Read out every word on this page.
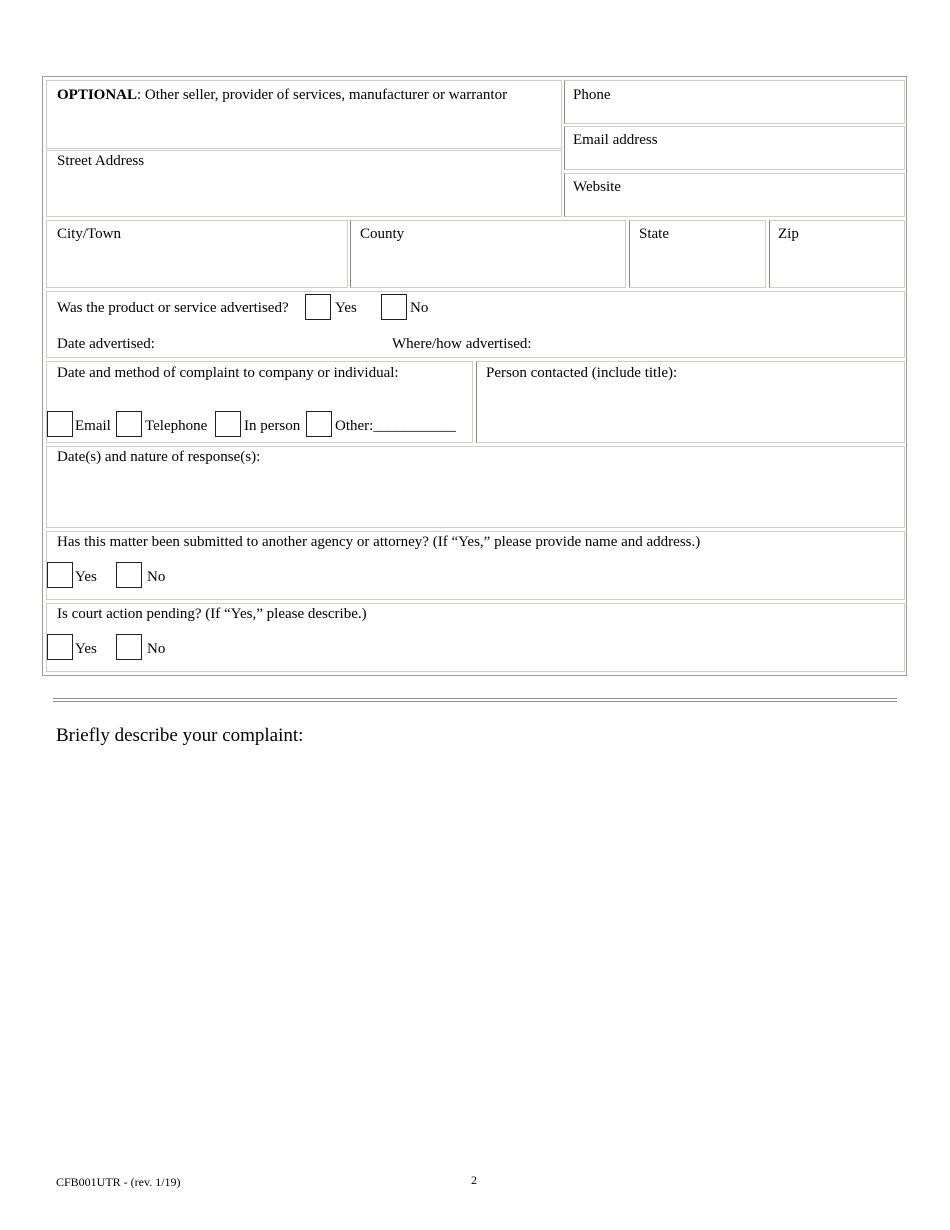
OPTIONAL: Other seller, provider of services, manufacturer or warrantor
Street Address
Phone
Email address
Website
City/Town	County	State	Zip
Was the product or service advertised?	Yes	No
Date advertised:	Where/how advertised:
Date and method of complaint to company or individual:
Email Telephone In person Other:___________
Person contacted (include title):
Date(s) and nature of response(s):
Has this matter been submitted to another agency or attorney? (If “Yes,” please provide name and address.)
Yes	No
Is court action pending? (If “Yes,” please describe.)
Yes	No
Briefly describe your complaint:
CFB001UTR - (rev. 1/19)	2
